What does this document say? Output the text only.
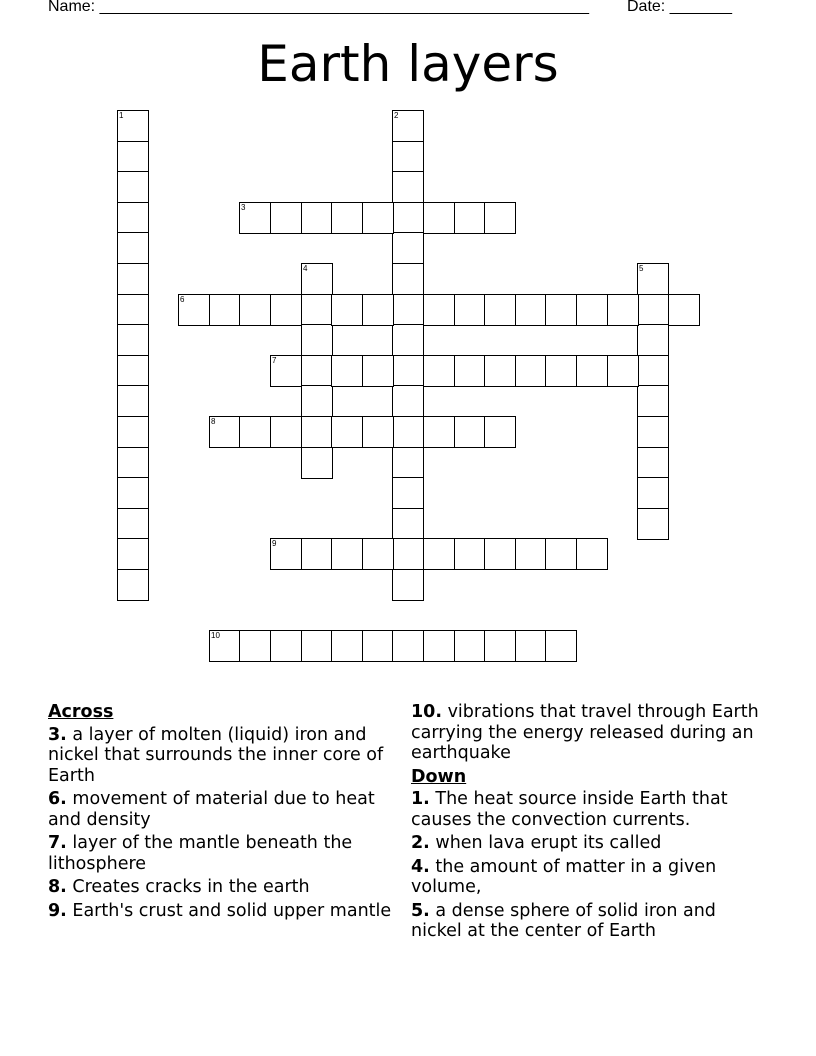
Name: _______________________________________________________ Date: _______
Earth layers
1	2
3
4	5
6
7
8
9
10
Across
3. a layer of molten (liquid) iron and nickel that surrounds the inner core of Earth
6. movement of material due to heat and density
7. layer of the mantle beneath the lithosphere
8. Creates cracks in the earth
9. Earth's crust and solid upper mantle
10. vibrations that travel through Earth carrying the energy released during an earthquake
Down
1. The heat source inside Earth that causes the convection currents.
2. when lava erupt its called
4. the amount of matter in a given volume,
5. a dense sphere of solid iron and nickel at the center of Earth
